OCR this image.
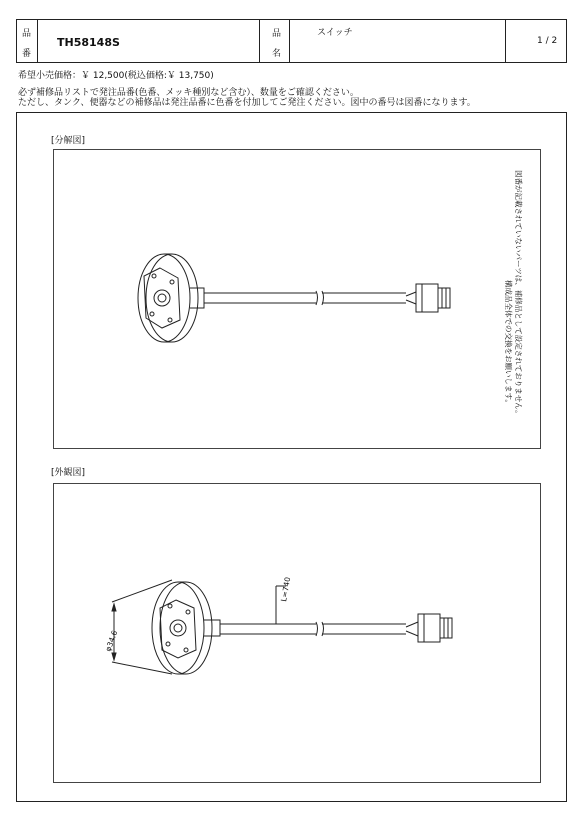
品
番
TH58148S
品
名
スイッチ
1 / 2
希望小売価格：￥ 12,500(税込価格:￥ 13,750)
必ず補修品リストで発注品番(色番、メッキ種別など含む）、数量をご確認ください。
ただし、タンク、便器などの補修品は発注品番に色番を付加してご発注ください。図中の番号は図番になります。
[分解図]
図番が記載されていないパーツは、補修品として設定されておりません。
構成品全体での交換をお願いします。
[外観図]
φ34.6
L=740
